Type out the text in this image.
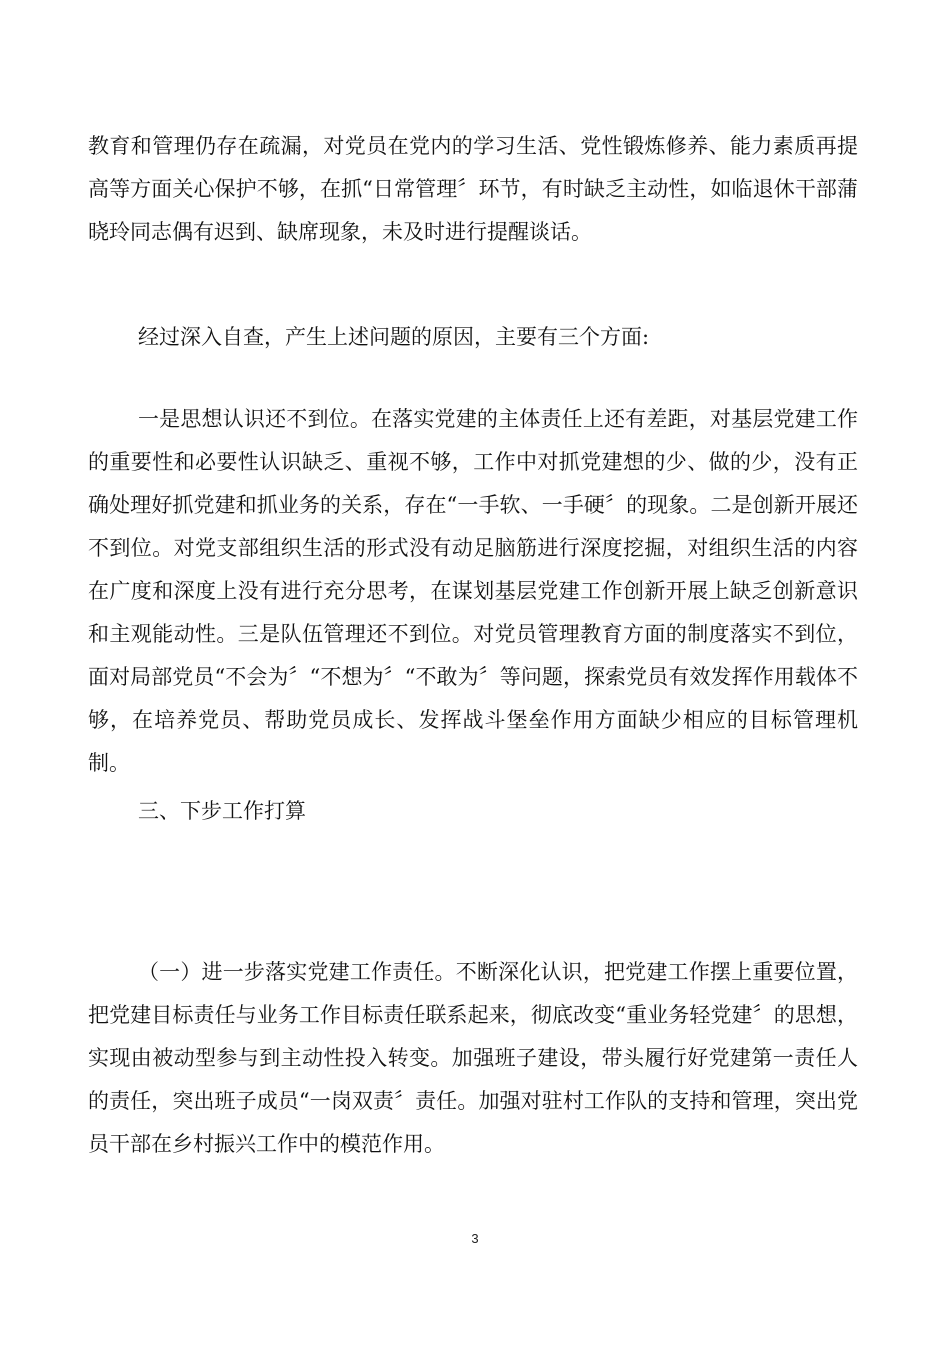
教育和管理仍存在疏漏，对党员在党内的学习生活、党性锻炼修养、能力素质再提高等方面关心保护不够，在抓“日常管理〞环节，有时缺乏主动性，如临退休干部蒲晓玲同志偶有迟到、缺席现象，未及时进行提醒谈话。
经过深入自查，产生上述问题的原因，主要有三个方面:
一是思想认识还不到位。在落实党建的主体责任上还有差距，对基层党建工作的重要性和必要性认识缺乏、重视不够，工作中对抓党建想的少、做的少，没有正确处理好抓党建和抓业务的关系，存在“一手软、一手硬〞的现象。二是创新开展还不到位。对党支部组织生活的形式没有动足脑筋进行深度挖掘，对组织生活的内容在广度和深度上没有进行充分思考，在谋划基层党建工作创新开展上缺乏创新意识和主观能动性。三是队伍管理还不到位。对党员管理教育方面的制度落实不到位，面对局部党员“不会为〞“不想为〞“不敢为〞等问题，探索党员有效发挥作用载体不够，在培养党员、帮助党员成长、发挥战斗堡垒作用方面缺少相应的目标管理机制。
三、下步工作打算
（一）进一步落实党建工作责任。不断深化认识，把党建工作摆上重要位置，把党建目标责任与业务工作目标责任联系起来，彻底改变“重业务轻党建〞的思想，实现由被动型参与到主动性投入转变。加强班子建设，带头履行好党建第一责任人的责任，突出班子成员“一岗双责〞责任。加强对驻村工作队的支持和管理，突出党员干部在乡村振兴工作中的模范作用。
3
